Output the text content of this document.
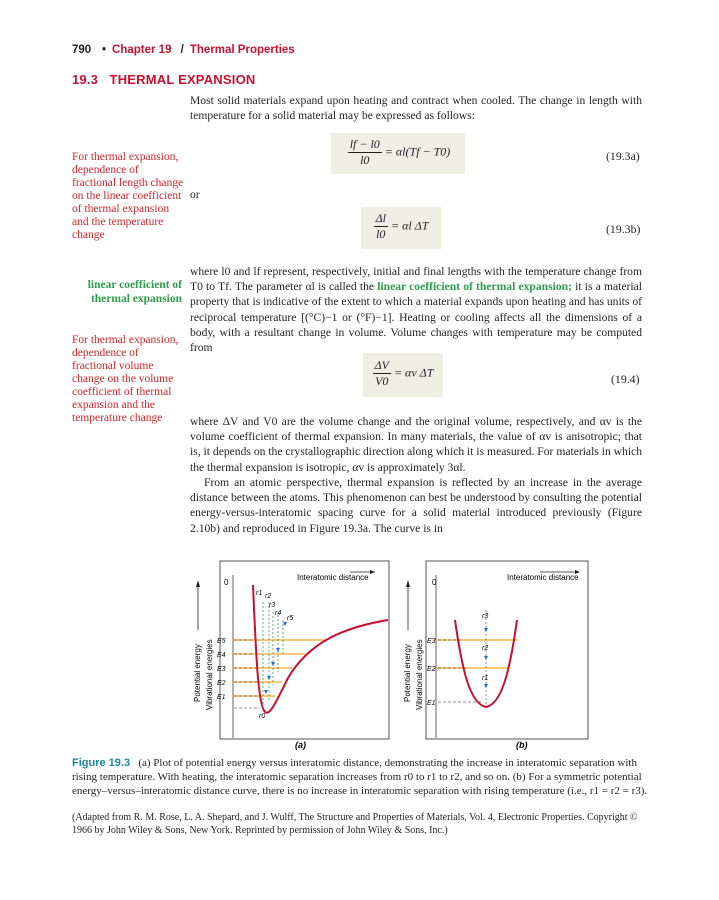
790 • Chapter 19 / Thermal Properties
19.3 THERMAL EXPANSION
Most solid materials expand upon heating and contract when cooled. The change in length with temperature for a solid material may be expressed as follows:
For thermal expansion, dependence of fractional length change on the linear coefficient of thermal expansion and the temperature change
$\frac{lf - l0}{l0} = \alpha l(Tf - T0)$	(19.3a)
or
$\frac{\Delta l}{l0} = \alpha l$ ΔT	(19.3b)
linear coefficient of thermal expansion
where l0 and lf represent, respectively, initial and final lengths with the temperature change from T0 to Tf. The parameter αl is called the linear coefficient of thermal expansion; it is a material property that is indicative of the extent to which a material expands upon heating and has units of reciprocal temperature [(°C)−1 or (°F)−1]. Heating or cooling affects all the dimensions of a body, with a resultant change in volume. Volume changes with temperature may be computed from
For thermal expansion, dependence of fractional volume change on the volume coefficient of thermal expansion and the temperature change
$\frac{\Delta V}{V0} = \alpha v$ ΔT	(19.4)
where ΔV and V0 are the volume change and the original volume, respectively, and αv is the volume coefficient of thermal expansion. In many materials, the value of αv is anisotropic; that is, it depends on the crystallographic direction along which it is measured. For materials in which the thermal expansion is isotropic, αv is approximately 3αl.
From an atomic perspective, thermal expansion is reflected by an increase in the average distance between the atoms. This phenomenon can best be understood by consulting the potential energy-versus-interatomic spacing curve for a solid material introduced previously (Figure 2.10b) and reproduced in Figure 19.3a. The curve is in
Interatomic distance
0
Potential energy Vibrational energies
r1 r2
r3
r4
r5
r0
E5
E4
E3
E2
E1
(a)
Interatomic distance
0
Potential energy Vibrational energies
r3
r2
r1
E3
E2
E1
(b)
Figure 19.3 (a) Plot of potential energy versus interatomic distance, demonstrating the increase in interatomic separation with rising temperature. With heating, the interatomic separation increases from r0 to r1 to r2, and so on. (b) For a symmetric potential energy–versus–interatomic distance curve, there is no increase in interatomic separation with rising temperature (i.e., r1 = r2 = r3).
(Adapted from R. M. Rose, L. A. Shepard, and J. Wulff, The Structure and Properties of Materials, Vol. 4, Electronic Properties. Copyright © 1966 by John Wiley & Sons, New York. Reprinted by permission of John Wiley & Sons, Inc.)
